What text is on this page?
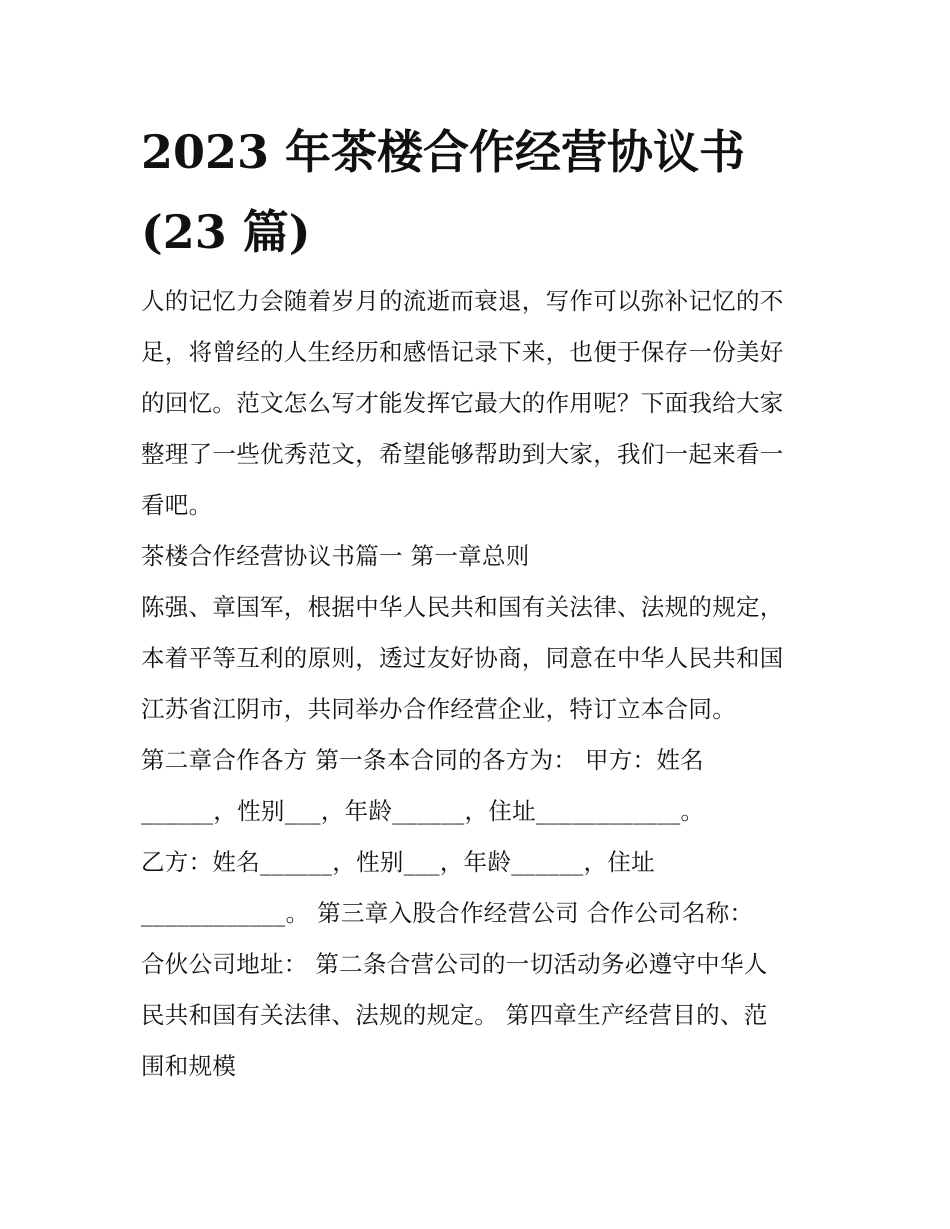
2023 年茶楼合作经营协议书
(23 篇)
人的记忆力会随着岁月的流逝而衰退，写作可以弥补记忆的不
足，将曾经的人生经历和感悟记录下来，也便于保存一份美好
的回忆。范文怎么写才能发挥它最大的作用呢？下面我给大家
整理了一些优秀范文，希望能够帮助到大家，我们一起来看一
看吧。
茶楼合作经营协议书篇一 第一章总则
陈强、章国军，根据中华人民共和国有关法律、法规的规定，
本着平等互利的原则，透过友好协商，同意在中华人民共和国
江苏省江阴市，共同举办合作经营企业，特订立本合同。
第二章合作各方 第一条本合同的各方为： 甲方：姓名
______，性别___，年龄______，住址____________。
乙方：姓名______，性别___，年龄______，住址
____________。 第三章入股合作经营公司 合作公司名称：
合伙公司地址： 第二条合营公司的一切活动务必遵守中华人
民共和国有关法律、法规的规定。 第四章生产经营目的、范
围和规模
